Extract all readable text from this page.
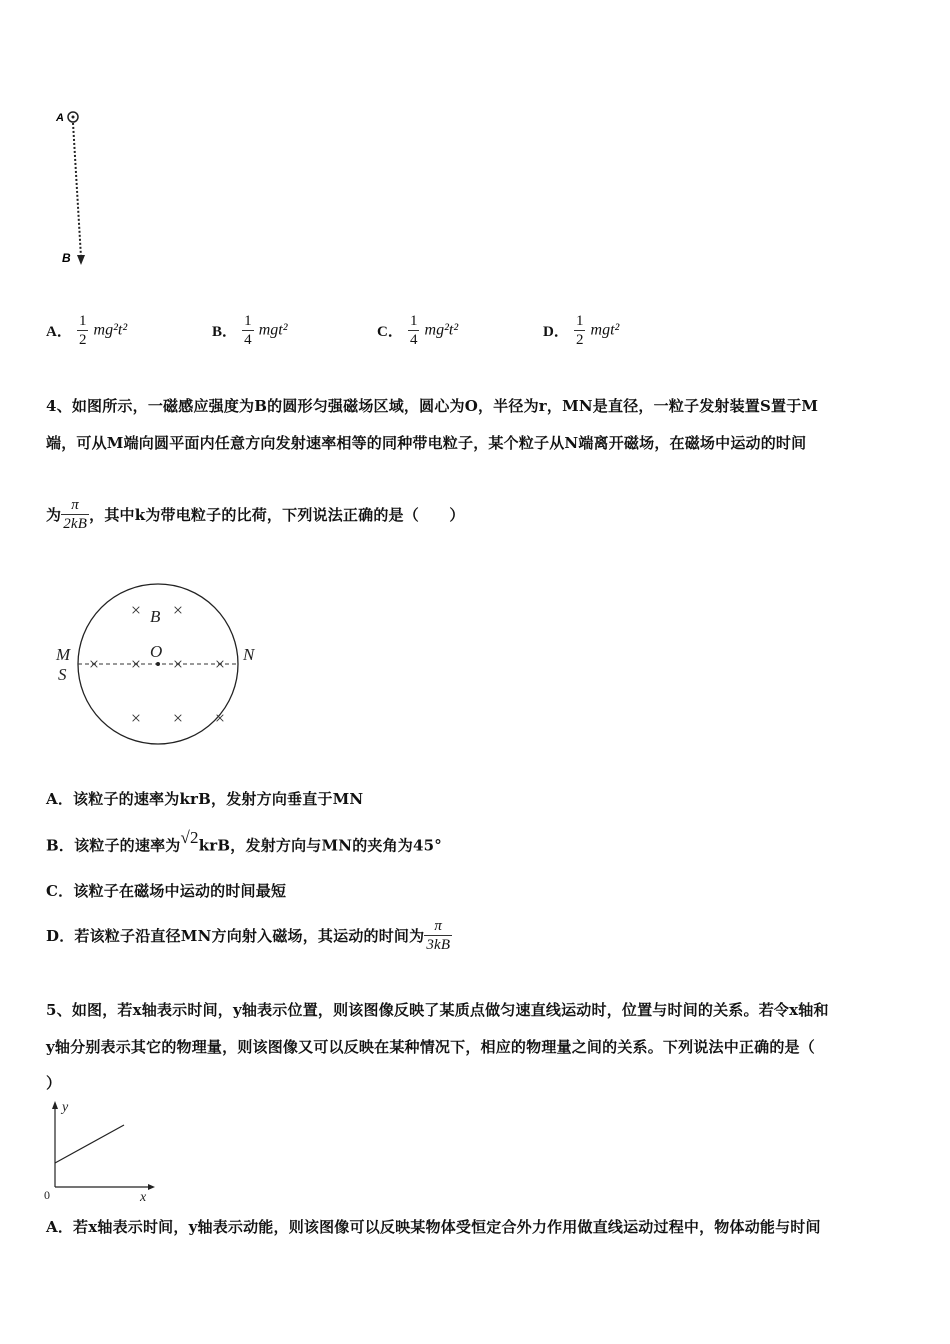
A
B
A． $\frac{1}{2} mg^2t^2$	B． $\frac{1}{4} mgt^2$	C． $\frac{1}{4} mg^2t^2$	D． $\frac{1}{2} mgt^2$
4、如图所示，一磁感应强度为B的圆形匀强磁场区域，圆心为O，半径为r，MN是直径，一粒子发射装置S置于M
端，可从M端向圆平面内任意方向发射速率相等的同种带电粒子，某个粒子从N端离开磁场，在磁场中运动的时间
为 $\frac{\pi}{2kB}$ ，其中k为带电粒子的比荷，下列说法正确的是（　　）
× ×
× × × ×
× × ×
B
O
M
S
N
A．该粒子的速率为krB，发射方向垂直于MN
B．该粒子的速率为√2krB，发射方向与MN的夹角为45°
C．该粒子在磁场中运动的时间最短
D．若该粒子沿直径MN方向射入磁场，其运动的时间为 $\frac{\pi}{3kB}$
5、如图，若x轴表示时间，y轴表示位置，则该图像反映了某质点做匀速直线运动时，位置与时间的关系。若令x轴和
y轴分别表示其它的物理量，则该图像又可以反映在某种情况下，相应的物理量之间的关系。下列说法中正确的是（
）
y
x
0
A．若x轴表示时间，y轴表示动能，则该图像可以反映某物体受恒定合外力作用做直线运动过程中，物体动能与时间
